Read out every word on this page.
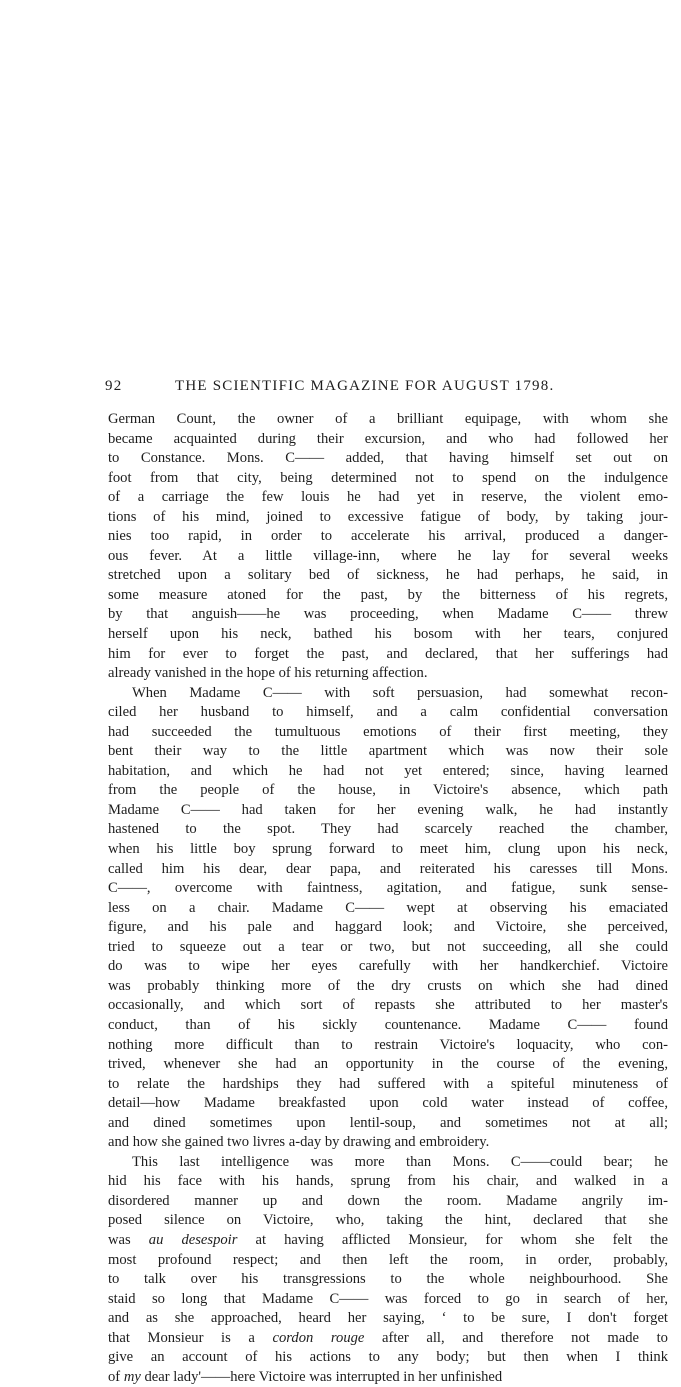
92	THE SCIENTIFIC MAGAZINE FOR AUGUST 1798.
German Count, the owner of a brilliant equipage, with whom she
became acquainted during their excursion, and who had followed her
to Constance. Mons. C—— added, that having himself set out on
foot from that city, being determined not to spend on the indulgence
of a carriage the few louis he had yet in reserve, the violent emo-
tions of his mind, joined to excessive fatigue of body, by taking jour-
nies too rapid, in order to accelerate his arrival, produced a danger-
ous fever. At a little village-inn, where he lay for several weeks
stretched upon a solitary bed of sickness, he had perhaps, he said, in
some measure atoned for the past, by the bitterness of his regrets,
by that anguish——he was proceeding, when Madame C—— threw
herself upon his neck, bathed his bosom with her tears, conjured
him for ever to forget the past, and declared, that her sufferings had
already vanished in the hope of his returning affection.
When Madame C—— with soft persuasion, had somewhat recon-
ciled her husband to himself, and a calm confidential conversation
had succeeded the tumultuous emotions of their first meeting, they
bent their way to the little apartment which was now their sole
habitation, and which he had not yet entered; since, having learned
from the people of the house, in Victoire's absence, which path
Madame C—— had taken for her evening walk, he had instantly
hastened to the spot. They had scarcely reached the chamber,
when his little boy sprung forward to meet him, clung upon his neck,
called him his dear, dear papa, and reiterated his caresses till Mons.
C——, overcome with faintness, agitation, and fatigue, sunk sense-
less on a chair. Madame C—— wept at observing his emaciated
figure, and his pale and haggard look; and Victoire, she perceived,
tried to squeeze out a tear or two, but not succeeding, all she could
do was to wipe her eyes carefully with her handkerchief. Victoire
was probably thinking more of the dry crusts on which she had dined
occasionally, and which sort of repasts she attributed to her master's
conduct, than of his sickly countenance. Madame C—— found
nothing more difficult than to restrain Victoire's loquacity, who con-
trived, whenever she had an opportunity in the course of the evening,
to relate the hardships they had suffered with a spiteful minuteness of
detail—how Madame breakfasted upon cold water instead of coffee,
and dined sometimes upon lentil-soup, and sometimes not at all;
and how she gained two livres a-day by drawing and embroidery.
This last intelligence was more than Mons. C——could bear; he
hid his face with his hands, sprung from his chair, and walked in a
disordered manner up and down the room. Madame angrily im-
posed silence on Victoire, who, taking the hint, declared that she
was au desespoir at having afflicted Monsieur, for whom she felt the
most profound respect; and then left the room, in order, probably,
to talk over his transgressions to the whole neighbourhood. She
staid so long that Madame C—— was forced to go in search of her,
and as she approached, heard her saying, ‘ to be sure, I don't forget
that Monsieur is a cordon rouge after all, and therefore not made to
give an account of his actions to any body; but then when I think
of my dear lady'——here Victoire was interrupted in her unfinished
